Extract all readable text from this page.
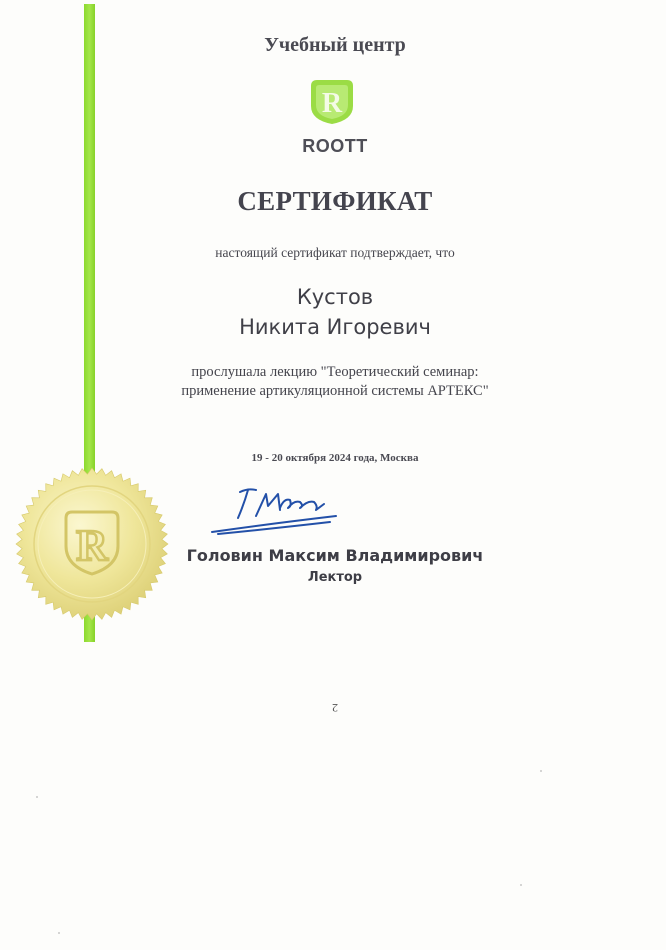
Учебный центр
R
ROOTT
СЕРТИФИКАТ
настоящий сертификат подтверждает, что
Кустов
Никита Игоревич
прослушала лекцию "Теоретический семинар:
применение артикуляционной системы АРТЕКС"
19 - 20 октября 2024 года, Москва
Головин Максим Владимирович
Лектор
R
2
